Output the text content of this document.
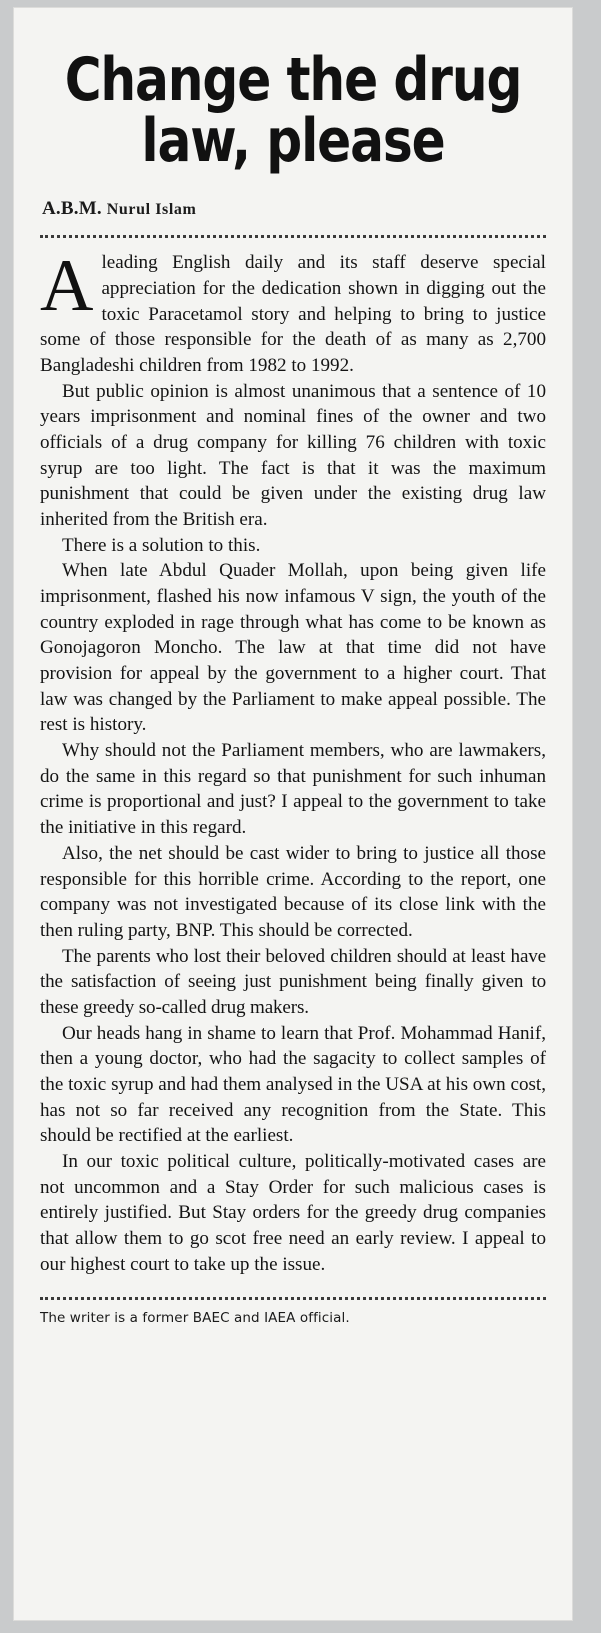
Change the drug
law, please
A.B.M. Nurul Islam

A leading English daily and its staff deserve special appreciation for the dedication shown in digging out the toxic Paracetamol story and helping to bring to justice some of those responsible for the death of as many as 2,700 Bangladeshi children from 1982 to 1992.

But public opinion is almost unanimous that a sentence of 10 years imprisonment and nominal fines of the owner and two officials of a drug company for killing 76 children with toxic syrup are too light. The fact is that it was the maximum punishment that could be given under the existing drug law inherited from the British era.

There is a solution to this.

When late Abdul Quader Mollah, upon being given life imprisonment, flashed his now infamous V sign, the youth of the country exploded in rage through what has come to be known as Gonojagoron Moncho. The law at that time did not have provision for appeal by the government to a higher court. That law was changed by the Parliament to make appeal possible. The rest is history.

Why should not the Parliament members, who are lawmakers, do the same in this regard so that punishment for such inhuman crime is proportional and just? I appeal to the government to take the initiative in this regard.

Also, the net should be cast wider to bring to justice all those responsible for this horrible crime. According to the report, one company was not investigated because of its close link with the then ruling party, BNP. This should be corrected.

The parents who lost their beloved children should at least have the satisfaction of seeing just punishment being finally given to these greedy so-called drug makers.

Our heads hang in shame to learn that Prof. Mohammad Hanif, then a young doctor, who had the sagacity to collect samples of the toxic syrup and had them analysed in the USA at his own cost, has not so far received any recognition from the State. This should be rectified at the earliest.

In our toxic political culture, politically-motivated cases are not uncommon and a Stay Order for such malicious cases is entirely justified. But Stay orders for the greedy drug companies that allow them to go scot free need an early review. I appeal to our highest court to take up the issue.

The writer is a former BAEC and IAEA official.
